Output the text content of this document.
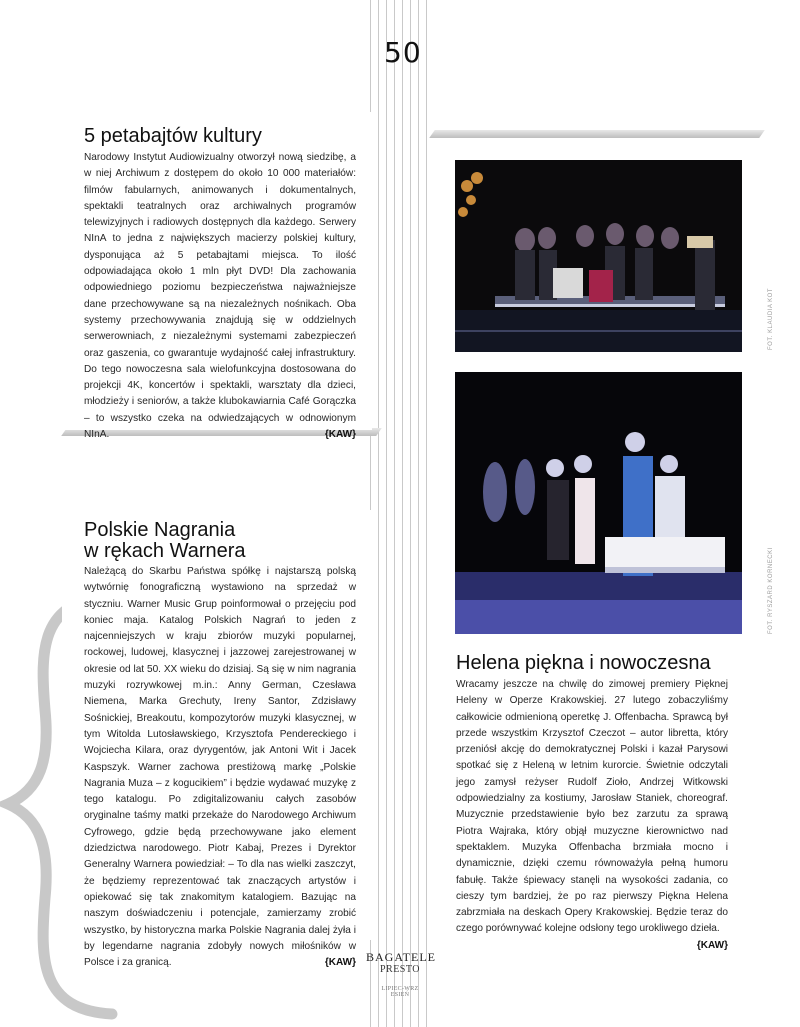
50
5 petabajtów kultury
Narodowy Instytut Audiowizualny otworzył nową siedzibę, a w niej Archiwum z dostępem do około 10 000 materiałów: filmów fabularnych, animowanych i dokumentalnych, spektakli teatralnych oraz archiwalnych programów telewizyjnych i radiowych dostępnych dla każdego. Serwery NInA to jedna z największych macierzy polskiej kultury, dysponująca aż 5 petabajtami miejsca. To ilość odpowiadająca około 1 mln płyt DVD! Dla zachowania odpowiedniego poziomu bezpieczeństwa najważniejsze dane przechowywane są na niezależnych nośnikach. Oba systemy przechowywania znajdują się w oddzielnych serwerowniach, z niezależnymi systemami zabezpieczeń oraz gaszenia, co gwarantuje wydajność całej infrastruktury. Do tego nowoczesna sala wielofunkcyjna dostosowana do projekcji 4K, koncertów i spektakli, warsztaty dla dzieci, młodzieży i seniorów, a także klubokawiarnia Café Gorączka – to wszystko czeka na odwiedzających w odnowionym NInA.	{KAW}
Polskie Nagrania
w rękach Warnera
Należącą do Skarbu Państwa spółkę i najstarszą polską wytwórnię fonograficzną wystawiono na sprzedaż w styczniu. Warner Music Grup poinformował o przejęciu pod koniec maja. Katalog Polskich Nagrań to jeden z najcenniejszych w kraju zbiorów muzyki popularnej, rockowej, ludowej, klasycznej i jazzowej zarejestrowanej w okresie od lat 50. XX wieku do dzisiaj. Są się w nim nagrania muzyki rozrywkowej m.in.: Anny German, Czesława Niemena, Marka Grechuty, Ireny Santor, Zdzisławy Sośnickiej, Breakoutu, kompozytorów muzyki klasycznej, w tym Witolda Lutosławskiego, Krzysztofa Pendereckiego i Wojciecha Kilara, oraz dyrygentów, jak Antoni Wit i Jacek Kaspszyk. Warner zachowa prestiżową markę „Polskie Nagrania Muza – z kogucikiem” i będzie wydawać muzykę z tego katalogu. Po zdigitalizowaniu całych zasobów oryginalne taśmy matki przekaże do Narodowego Archiwum Cyfrowego, gdzie będą przechowywane jako element dziedzictwa narodowego. Piotr Kabaj, Prezes i Dyrektor Generalny Warnera powiedział: – To dla nas wielki zaszczyt, że będziemy reprezentować tak znaczących artystów i opiekować się tak znakomitym katalogiem. Bazując na naszym doświadczeniu i potencjale, zamierzamy zrobić wszystko, by historyczna marka Polskie Nagrania dalej żyła i by legendarne nagrania zdobyły nowych miłośników w Polsce i za granicą.	{KAW}
FOT. KLAUDIA KOT
FOT. RYSZARD KORNECKI
Helena piękna i nowoczesna
Wracamy jeszcze na chwilę do zimowej premiery Pięknej Heleny w Operze Krakowskiej. 27 lutego zobaczyliśmy całkowicie odmienioną operetkę J. Offenbacha. Sprawcą był przede wszystkim Krzysztof Czeczot – autor libretta, który przeniósł akcję do demokratycznej Polski i kazał Parysowi spotkać się z Heleną w letnim kurorcie. Świetnie odczytali jego zamysł reżyser Rudolf Zioło, Andrzej Witkowski odpowiedzialny za kostiumy, Jarosław Staniek, choreograf. Muzycznie przedstawienie było bez zarzutu za sprawą Piotra Wajraka, który objął muzyczne kierownictwo nad spektaklem. Muzyka Offenbacha brzmiała mocno i dynamicznie, dzięki czemu równoważyła pełną humoru fabułę. Także śpiewacy stanęli na wysokości zadania, co cieszy tym bardziej, że po raz pierwszy Piękna Helena zabrzmiała na deskach Opery Krakowskiej. Będzie teraz do czego porównywać kolejne odsłony tego urokliwego dzieła.
{KAW}
BAGATELE
PRESTO
LIPIEC-WRZESIEŃ
